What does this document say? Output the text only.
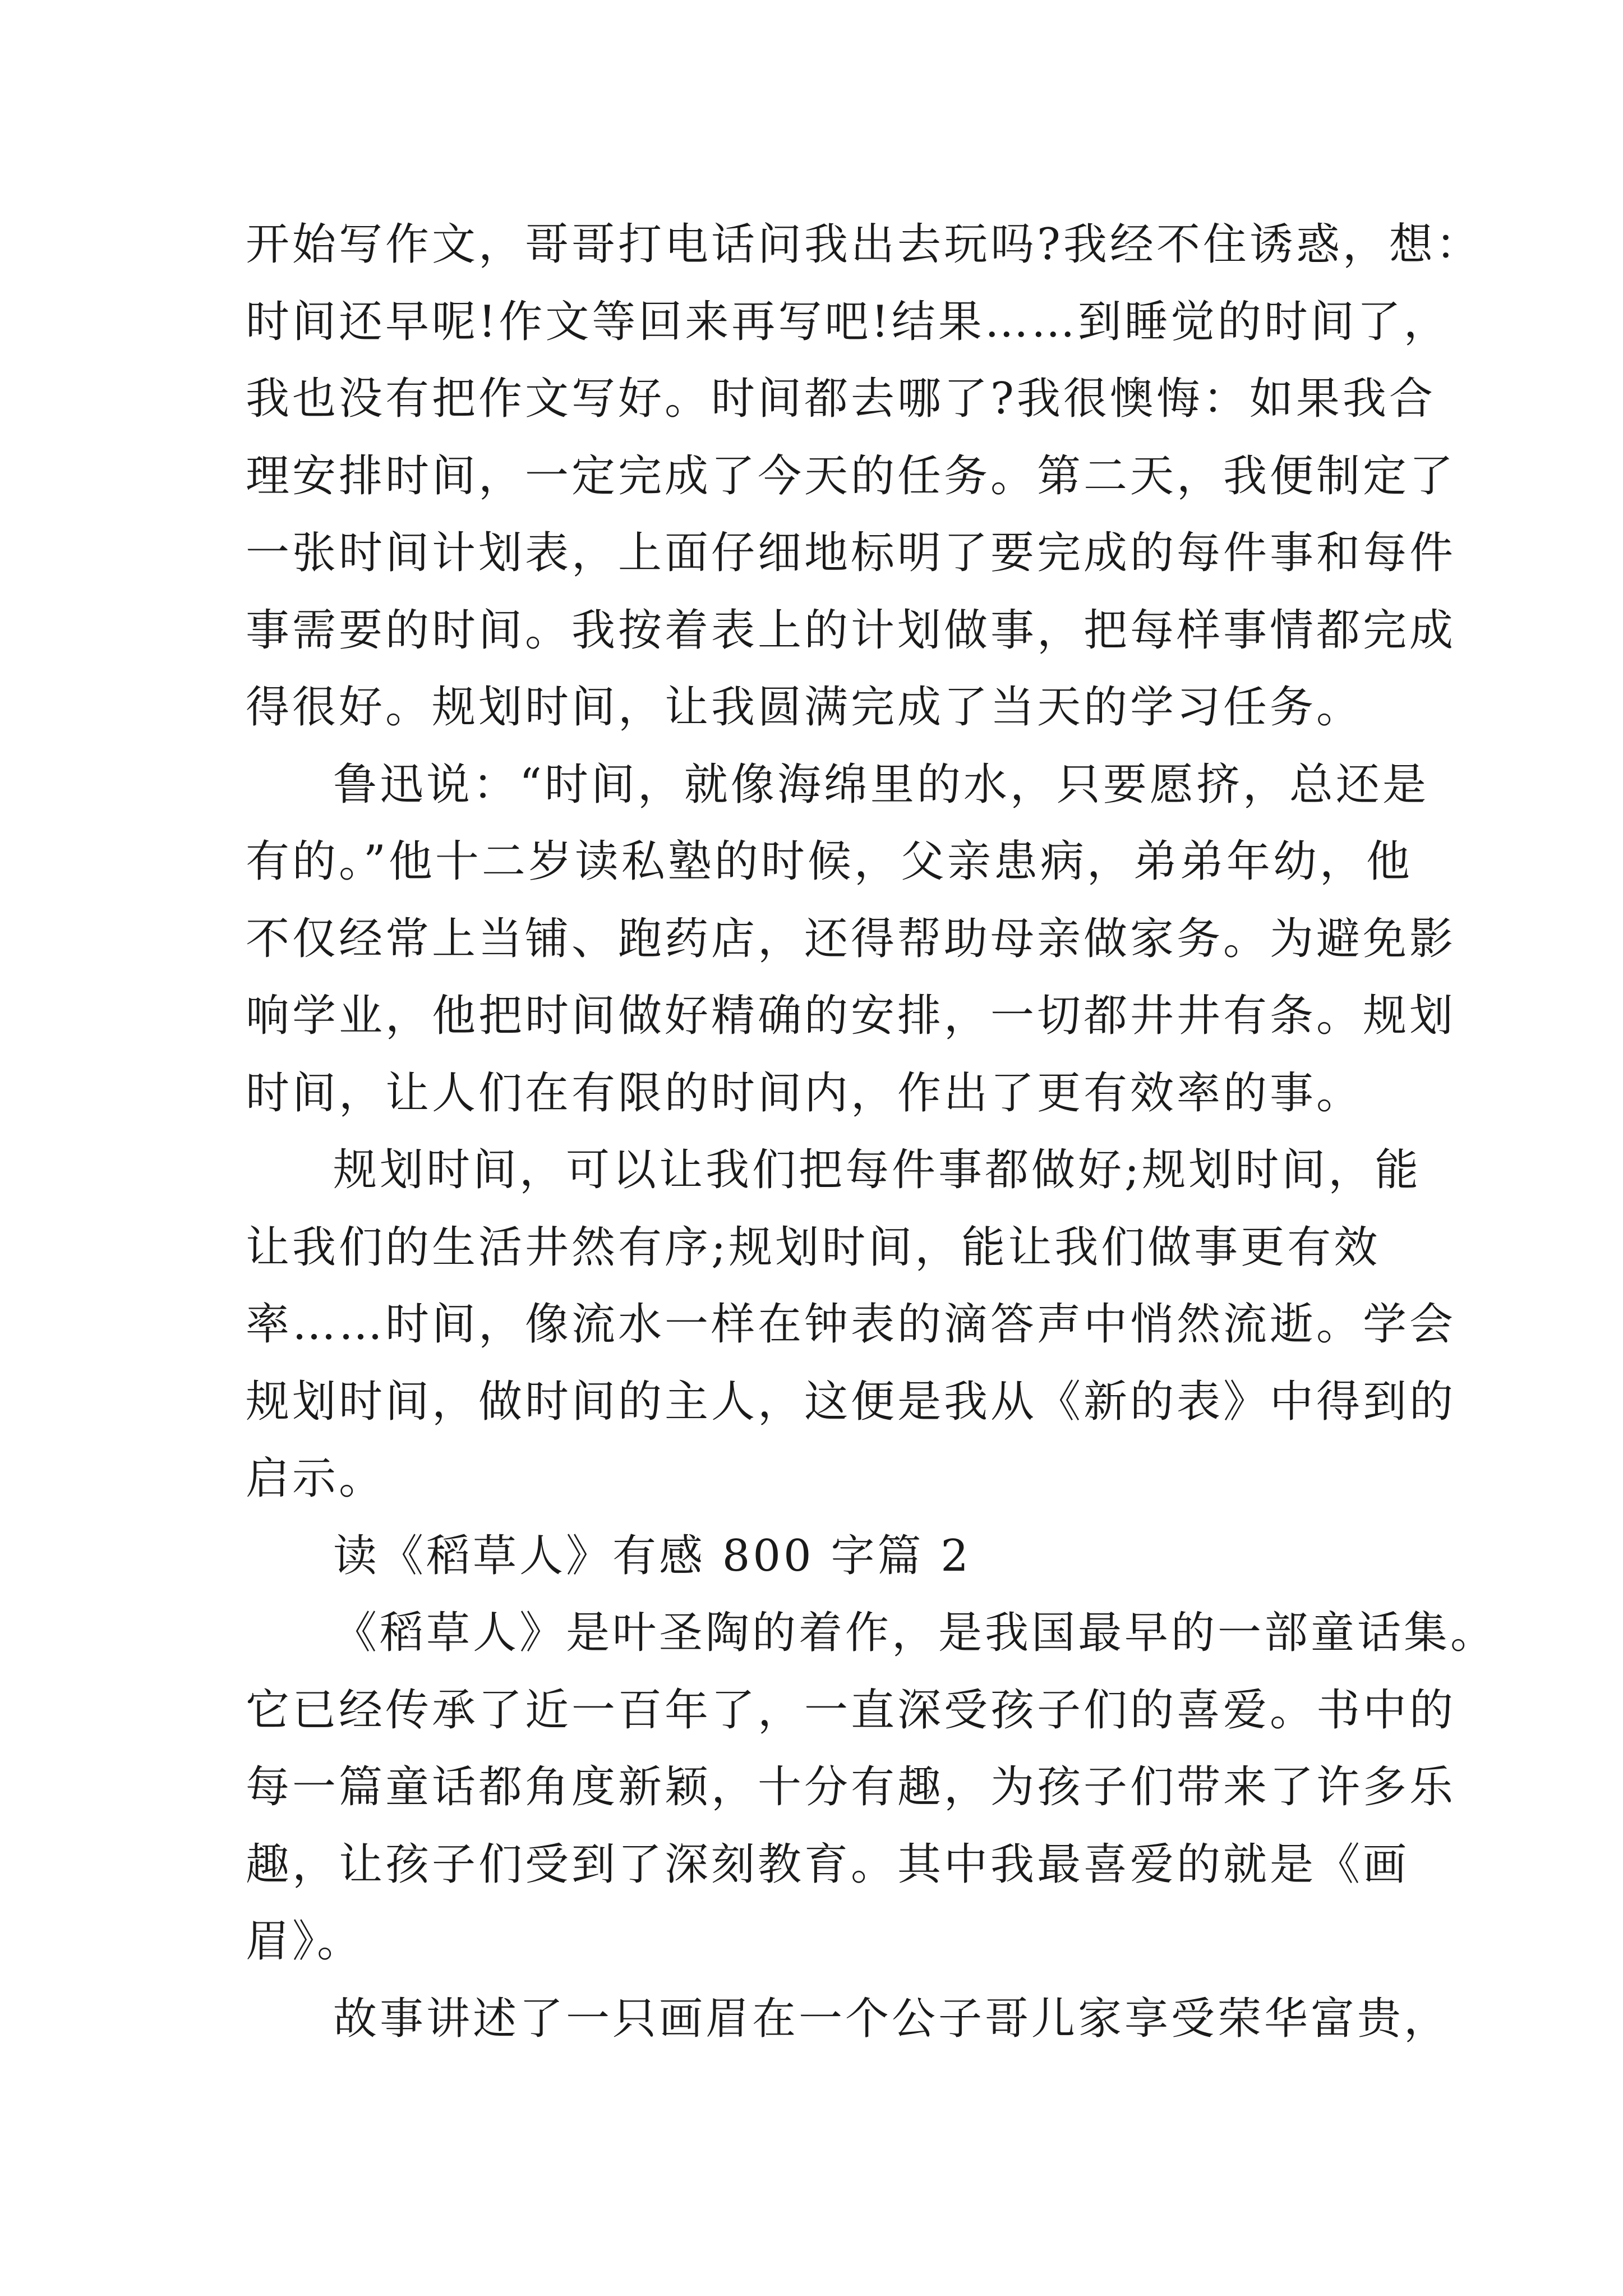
开始写作文，哥哥打电话问我出去玩吗?我经不住诱惑，想：
时间还早呢!作文等回来再写吧!结果……到睡觉的时间了，
我也没有把作文写好。时间都去哪了?我很懊悔：如果我合
理安排时间，一定完成了今天的任务。第二天，我便制定了
一张时间计划表，上面仔细地标明了要完成的每件事和每件
事需要的时间。我按着表上的计划做事，把每样事情都完成
得很好。规划时间，让我圆满完成了当天的学习任务。
鲁迅说：“时间，就像海绵里的水，只要愿挤，总还是
有的。”他十二岁读私塾的时候，父亲患病，弟弟年幼，他
不仅经常上当铺、跑药店，还得帮助母亲做家务。为避免影
响学业，他把时间做好精确的安排，一切都井井有条。规划
时间，让人们在有限的时间内，作出了更有效率的事。
规划时间，可以让我们把每件事都做好;规划时间，能
让我们的生活井然有序;规划时间，能让我们做事更有效
率……时间，像流水一样在钟表的滴答声中悄然流逝。学会
规划时间，做时间的主人，这便是我从《新的表》中得到的
启示。
读《稻草人》有感 800 字篇 2
《稻草人》是叶圣陶的着作，是我国最早的一部童话集。
它已经传承了近一百年了，一直深受孩子们的喜爱。书中的
每一篇童话都角度新颖，十分有趣，为孩子们带来了许多乐
趣，让孩子们受到了深刻教育。其中我最喜爱的就是《画
眉》。
故事讲述了一只画眉在一个公子哥儿家享受荣华富贵，
